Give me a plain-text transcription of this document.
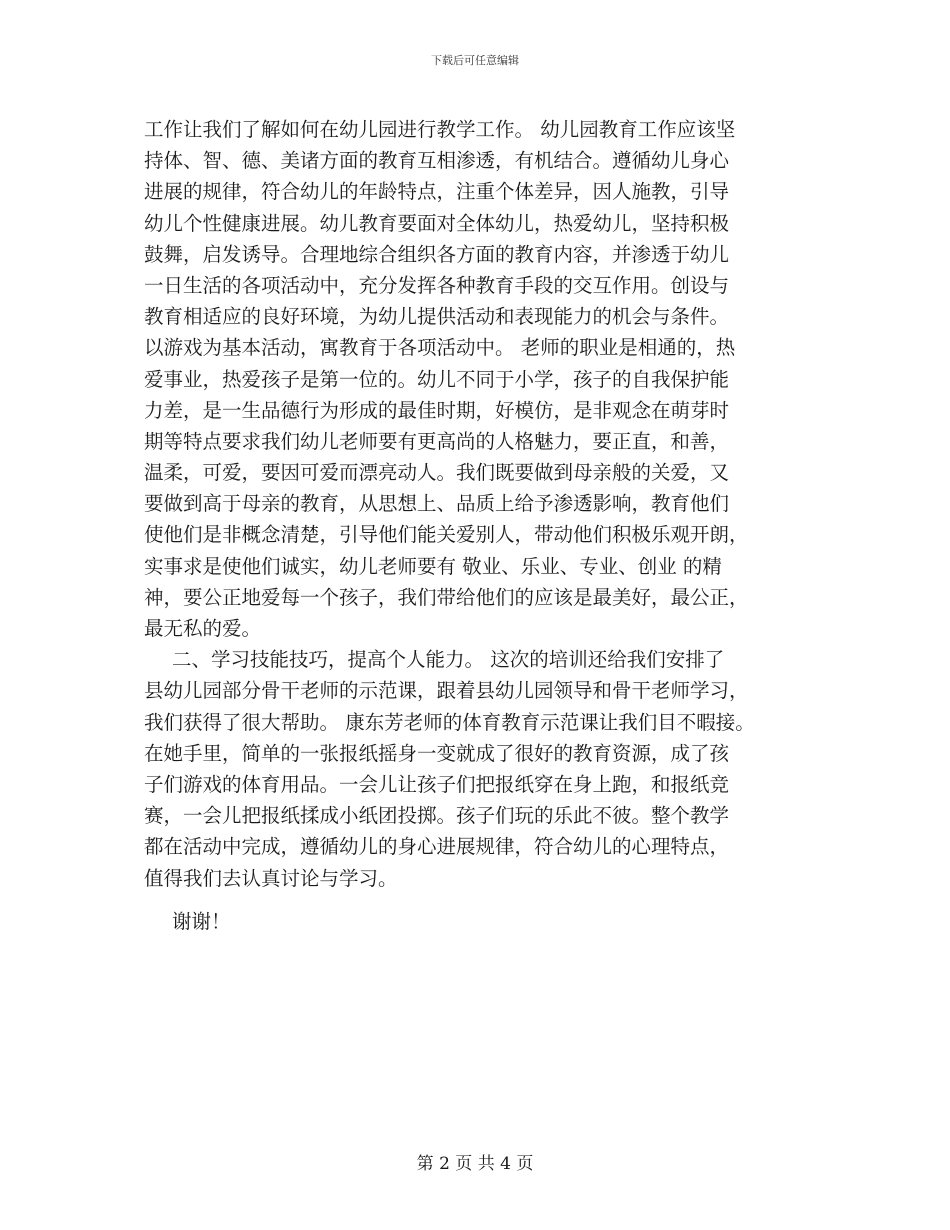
下载后可任意编辑
工作让我们了解如何在幼儿园进行教学工作。 幼儿园教育工作应该坚
持体、智、德、美诸方面的教育互相渗透，有机结合。遵循幼儿身心
进展的规律，符合幼儿的年龄特点，注重个体差异，因人施教，引导
幼儿个性健康进展。幼儿教育要面对全体幼儿，热爱幼儿，坚持积极
鼓舞，启发诱导。合理地综合组织各方面的教育内容，并渗透于幼儿
一日生活的各项活动中，充分发挥各种教育手段的交互作用。创设与
教育相适应的良好环境，为幼儿提供活动和表现能力的机会与条件。
以游戏为基本活动，寓教育于各项活动中。 老师的职业是相通的，热
爱事业，热爱孩子是第一位的。幼儿不同于小学，孩子的自我保护能
力差，是一生品德行为形成的最佳时期，好模仿，是非观念在萌芽时
期等特点要求我们幼儿老师要有更高尚的人格魅力，要正直，和善，
温柔，可爱，要因可爱而漂亮动人。我们既要做到母亲般的关爱，又
要做到高于母亲的教育，从思想上、品质上给予渗透影响，教育他们
使他们是非概念清楚，引导他们能关爱别人，带动他们积极乐观开朗，
实事求是使他们诚实，幼儿老师要有 敬业、乐业、专业、创业 的精
神，要公正地爱每一个孩子，我们带给他们的应该是最美好，最公正，
最无私的爱。
二、学习技能技巧，提高个人能力。 这次的培训还给我们安排了
县幼儿园部分骨干老师的示范课，跟着县幼儿园领导和骨干老师学习，
我们获得了很大帮助。 康东芳老师的体育教育示范课让我们目不暇接。
在她手里，简单的一张报纸摇身一变就成了很好的教育资源，成了孩
子们游戏的体育用品。一会儿让孩子们把报纸穿在身上跑，和报纸竞
赛，一会儿把报纸揉成小纸团投掷。孩子们玩的乐此不彼。整个教学
都在活动中完成，遵循幼儿的身心进展规律，符合幼儿的心理特点，
值得我们去认真讨论与学习。
谢谢！
第 2 页 共 4 页
